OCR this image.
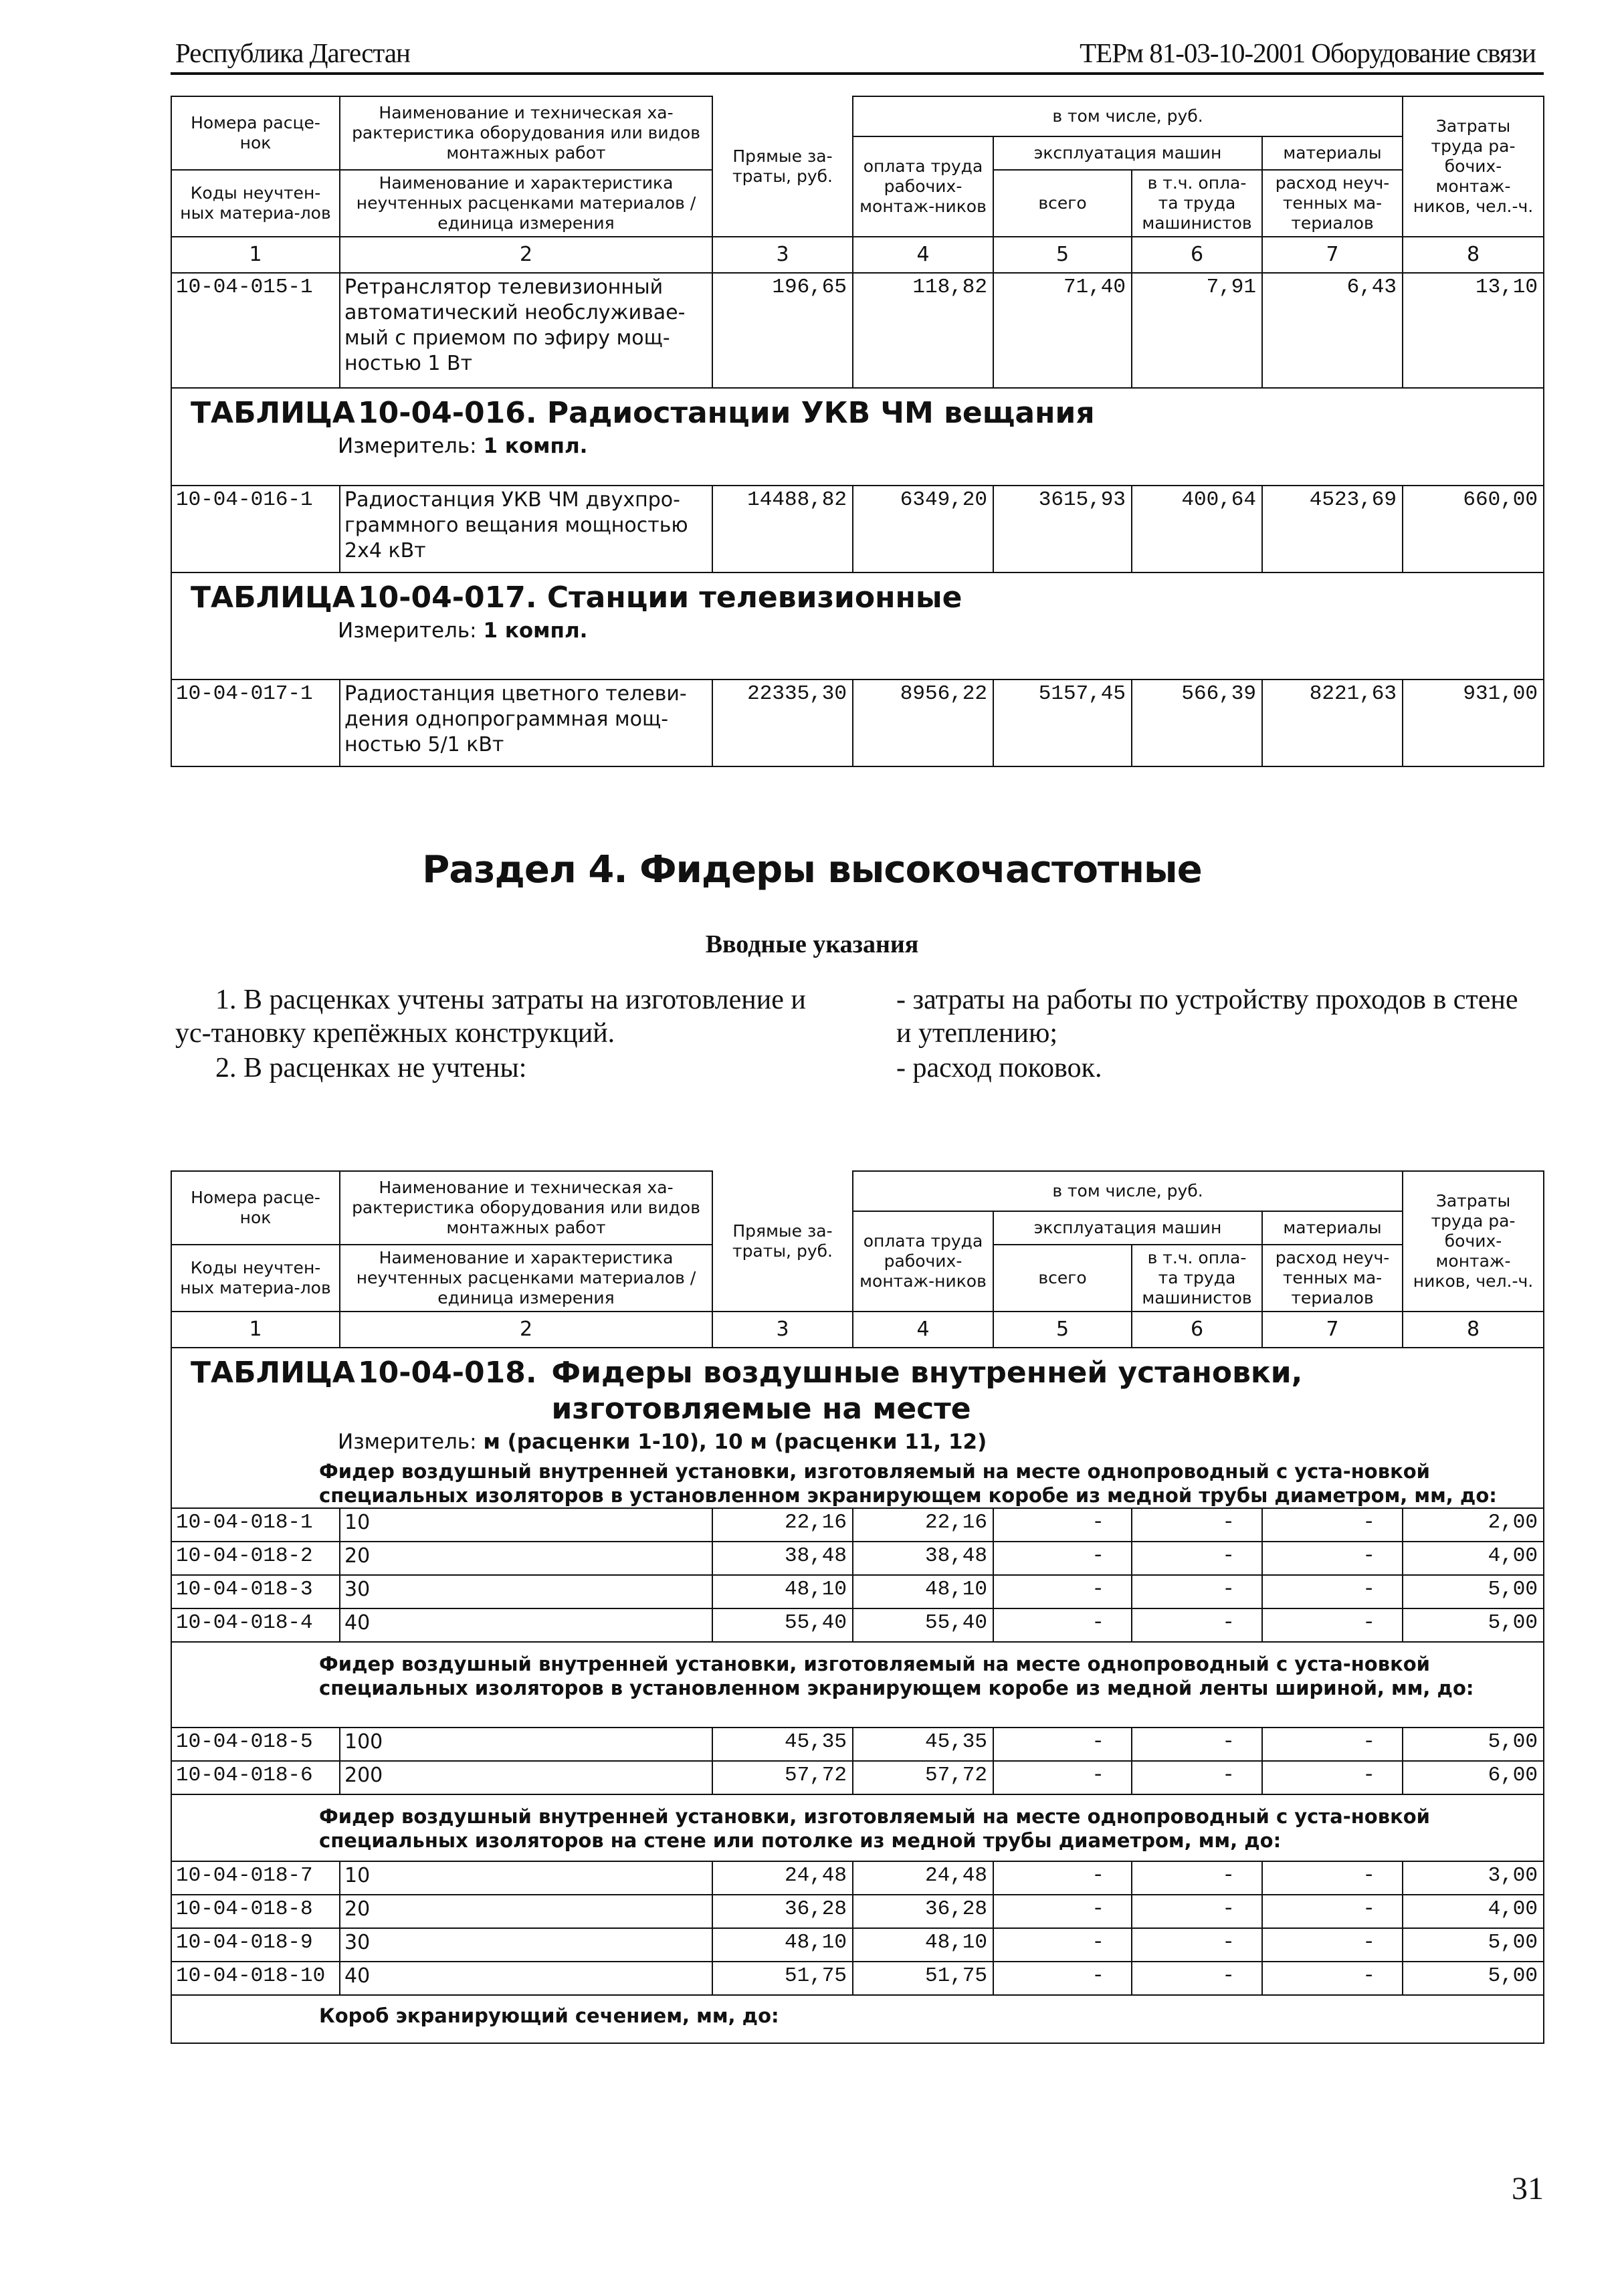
Республика Дагестан	ТЕРм 81-03-10-2001 Оборудование связи
Номера расце-нок	Наименование и техническая ха-рактеристика оборудования или видов монтажных работ	Прямые за-траты, руб.	в том числе, руб.				Затраты труда ра-бочих-монтаж-ников, чел.-ч.
			оплата труда рабочих-монтаж-ников	эксплуатация машин		материалы	
Коды неучтен-ных материа-лов	Наименование и характеристика неучтенных расценками материалов / единица измерения			всего	в т.ч. опла-та труда машинистов	расход неуч-тенных ма-териалов	

1	2	3	4	5	6	7	8
10-04-015-1	Ретранслятор телевизионный автоматический необслуживае-мый с приемом по эфиру мощ-ностью 1 Вт	196,65	118,82	71,40	7,91	6,43	13,10

ТАБЛИЦА10-04-016. Радиостанции УКВ ЧМ вещания
Измеритель: 1 компл.							

10-04-016-1	Радиостанция УКВ ЧМ двухпро-граммного вещания мощностью 2х4 кВт	14488,82	6349,20	3615,93	400,64	4523,69	660,00

ТАБЛИЦА10-04-017. Станции телевизионные
Измеритель: 1 компл.							

10-04-017-1	Радиостанция цветного телеви-дения однопрограммная мощ-ностью 5/1 кВт	22335,30	8956,22	5157,45	566,39	8221,63	931,00
Раздел 4. Фидеры высокочастотные
Вводные указания
1. В расценках учтены затраты на изготовление и ус-тановку крепёжных конструкций.
2. В расценках не учтены:
- затраты на работы по устройству проходов в стене и утеплению;
- расход поковок.
Номера расце-нок	Наименование и техническая ха-рактеристика оборудования или видов монтажных работ	Прямые за-траты, руб.	в том числе, руб.				Затраты труда ра-бочих-монтаж-ников, чел.-ч.
			оплата труда рабочих-монтаж-ников	эксплуатация машин		материалы	
Коды неучтен-ных материа-лов	Наименование и характеристика неучтенных расценками материалов / единица измерения			всего	в т.ч. опла-та труда машинистов	расход неуч-тенных ма-териалов	

1	2	3	4	5	6	7	8

ТАБЛИЦА 10-04-018. Фидеры воздушные внутренней установки, изготовляемые на месте
Измеритель: м (расценки 1-10), 10 м (расценки 11, 12)
Фидер воздушный внутренней установки, изготовляемый на месте однопроводный с уста-новкой специальных изоляторов в установленном экранирующем коробе из медной трубы диаметром, мм, до:							

10-04-018-1	10	22,16	22,16	-	-	-	2,00
10-04-018-2	20	38,48	38,48	-	-	-	4,00
10-04-018-3	30	48,10	48,10	-	-	-	5,00
10-04-018-4	40	55,40	55,40	-	-	-	5,00

Фидер воздушный внутренней установки, изготовляемый на месте однопроводный с уста-новкой специальных изоляторов в установленном экранирующем коробе из медной ленты шириной, мм, до:							

10-04-018-5	100	45,35	45,35	-	-	-	5,00
10-04-018-6	200	57,72	57,72	-	-	-	6,00

Фидер воздушный внутренней установки, изготовляемый на месте однопроводный с уста-новкой специальных изоляторов на стене или потолке из медной трубы диаметром, мм, до:							

10-04-018-7	10	24,48	24,48	-	-	-	3,00
10-04-018-8	20	36,28	36,28	-	-	-	4,00
10-04-018-9	30	48,10	48,10	-	-	-	5,00
10-04-018-10	40	51,75	51,75	-	-	-	5,00

Короб экранирующий сечением, мм, до:							
31
